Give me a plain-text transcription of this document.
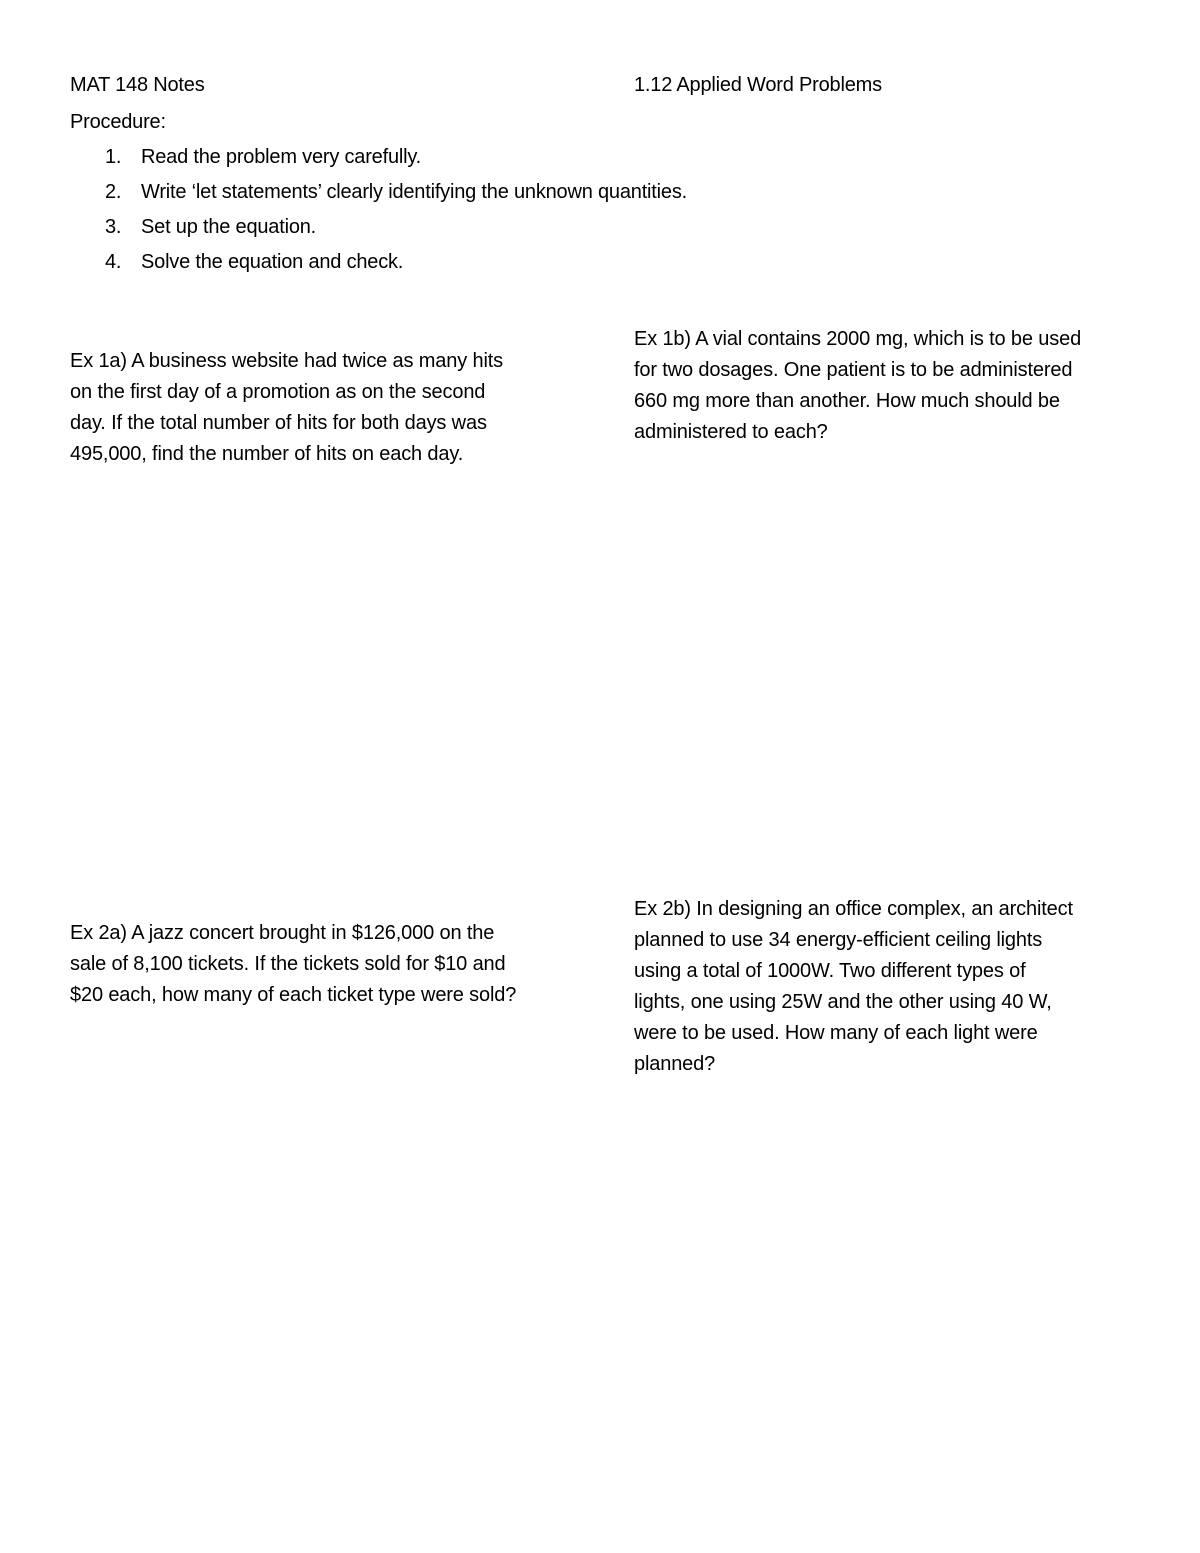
MAT 148 Notes	1.12 Applied Word Problems
Procedure:
1. Read the problem very carefully.
2. Write ‘let statements’ clearly identifying the unknown quantities.
3. Set up the equation.
4. Solve the equation and check.
Ex 1a) A business website had twice as many hits
on the first day of a promotion as on the second
day. If the total number of hits for both days was
495,000, find the number of hits on each day.
Ex 1b) A vial contains 2000 mg, which is to be used
for two dosages. One patient is to be administered
660 mg more than another. How much should be
administered to each?
Ex 2a) A jazz concert brought in $126,000 on the
sale of 8,100 tickets. If the tickets sold for $10 and
$20 each, how many of each ticket type were sold?
Ex 2b) In designing an office complex, an architect
planned to use 34 energy-efficient ceiling lights
using a total of 1000W. Two different types of
lights, one using 25W and the other using 40 W,
were to be used. How many of each light were
planned?
